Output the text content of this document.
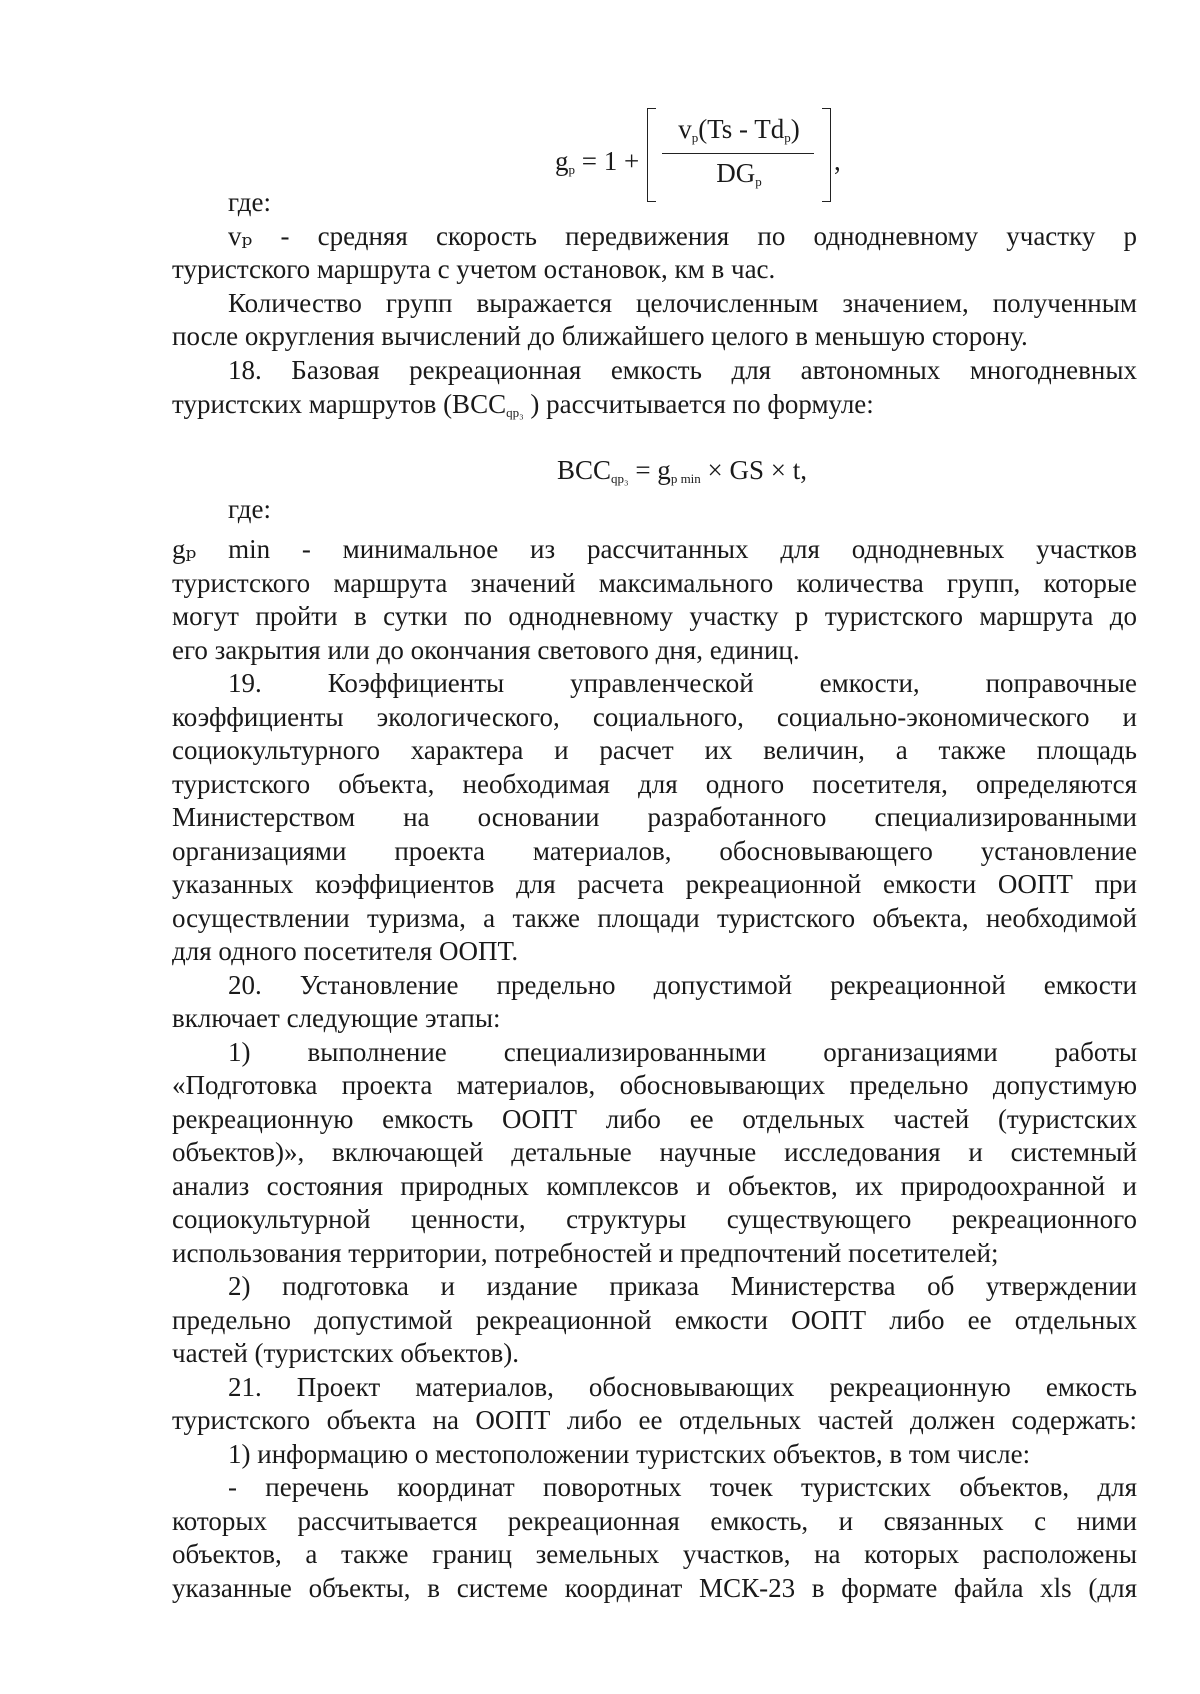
$g_p = 1$ +
$v_p(Ts - Td_p)$
$DG_p$
,
где:
vₚ - средняя скорость передвижения по однодневному участку p
туристского маршрута с учетом остановок, км в час.
Количество групп выражается целочисленным значением, полученным
после округления вычислений до ближайшего целого в меньшую сторону.
18. Базовая рекреационная емкость для автономных многодневных
туристских маршрутов ($BCC_{qp_3}$ ) рассчитывается по формуле:
$BCC_{qp_3} = g_{p min}$ × GS × t,
где:
gₚ min - минимальное из рассчитанных для однодневных участков
туристского маршрута значений максимального количества групп, которые
могут пройти в сутки по однодневному участку p туристского маршрута до
его закрытия или до окончания светового дня, единиц.
19. Коэффициенты управленческой емкости, поправочные
коэффициенты экологического, социального, социально-экономического и
социокультурного характера и расчет их величин, а также площадь
туристского объекта, необходимая для одного посетителя, определяются
Министерством на основании разработанного специализированными
организациями проекта материалов, обосновывающего установление
указанных коэффициентов для расчета рекреационной емкости ООПТ при
осуществлении туризма, а также площади туристского объекта, необходимой
для одного посетителя ООПТ.
20. Установление предельно допустимой рекреационной емкости
включает следующие этапы:
1) выполнение специализированными организациями работы
«Подготовка проекта материалов, обосновывающих предельно допустимую
рекреационную емкость ООПТ либо ее отдельных частей (туристских
объектов)», включающей детальные научные исследования и системный
анализ состояния природных комплексов и объектов, их природоохранной и
социокультурной ценности, структуры существующего рекреационного
использования территории, потребностей и предпочтений посетителей;
2) подготовка и издание приказа Министерства об утверждении
предельно допустимой рекреационной емкости ООПТ либо ее отдельных
частей (туристских объектов).
21. Проект материалов, обосновывающих рекреационную емкость
туристского объекта на ООПТ либо ее отдельных частей должен содержать:
1) информацию о местоположении туристских объектов, в том числе:
- перечень координат поворотных точек туристских объектов, для
которых рассчитывается рекреационная емкость, и связанных с ними
объектов, а также границ земельных участков, на которых расположены
указанные объекты, в системе координат МСК-23 в формате файла xls (для
